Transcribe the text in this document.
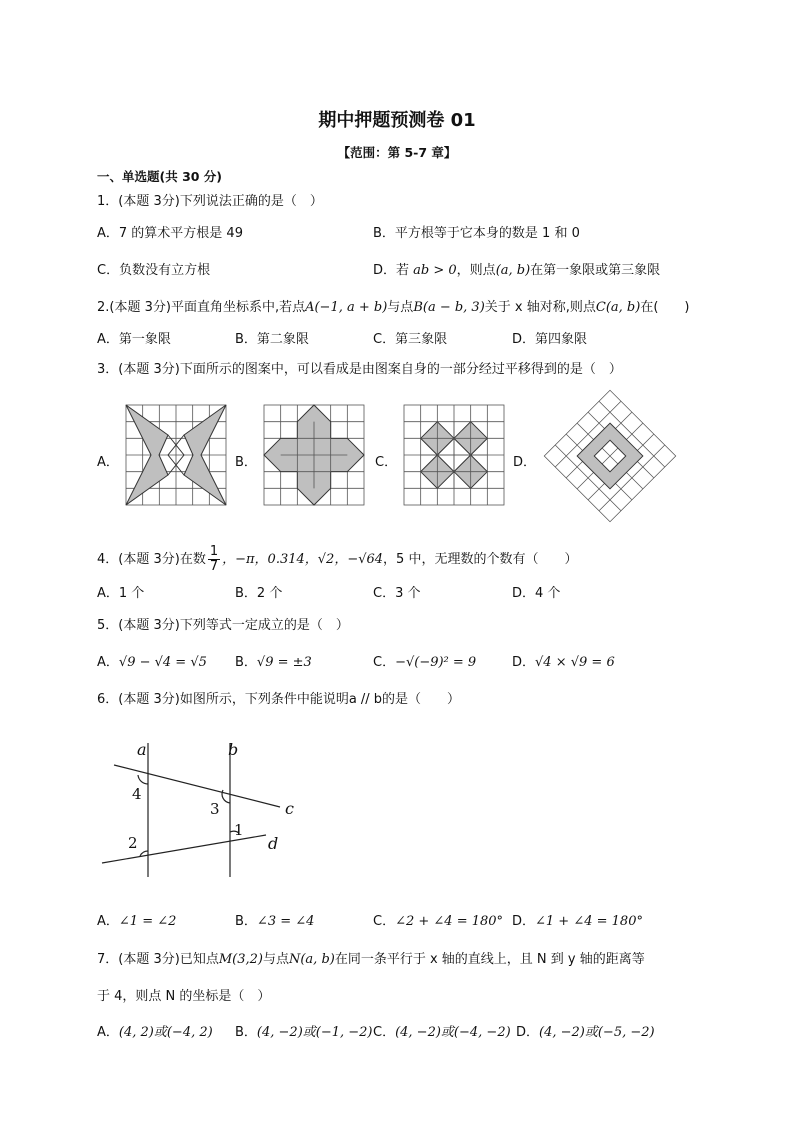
期中押题预测卷 01
【范围：第 5-7 章】
一、单选题(共 30 分)
1．(本题 3分)下列说法正确的是（　）
A．7 的算术平方根是 49	B．平方根等于它本身的数是 1 和 0
C．负数没有立方根	D．若 ab > 0，则点(a, b)在第一象限或第三象限
2.(本题 3分)平面直角坐标系中,若点A(−1, a + b)与点B(a − b, 3)关于 x 轴对称,则点C(a, b)在(　　)
A．第一象限	B．第二象限	C．第三象限	D．第四象限
3．(本题 3分)下面所示的图案中，可以看成是由图案自身的一部分经过平移得到的是（　）
A．	B．	C．	D．
4．(本题 3分)在数 $\frac{1}{7}$ ，−π，0.314，√2，−√64，5 中，无理数的个数有（　　）
A．1 个	B．2 个	C．3 个	D．4 个
5．(本题 3分)下列等式一定成立的是（　）
A．√9 − √4 = √5 B．√9 = ±3	C．−√(−9)² = 9	D．√4 × √9 = 6
6．(本题 3分)如图所示，下列条件中能说明a // b的是（　　）
a	b
c
d
4
3
1
2
A．∠1 = ∠2	B．∠3 = ∠4	C．∠2 + ∠4 = 180° D．∠1 + ∠4 = 180°
7．(本题 3分)已知点M(3,2)与点N(a, b)在同一条平行于 x 轴的直线上，且 N 到 y 轴的距离等
于 4，则点 N 的坐标是（　）
A．(4, 2)或(−4, 2) B．(4, −2)或(−1, −2) C．(4, −2)或(−4, −2) D．(4, −2)或(−5, −2)
